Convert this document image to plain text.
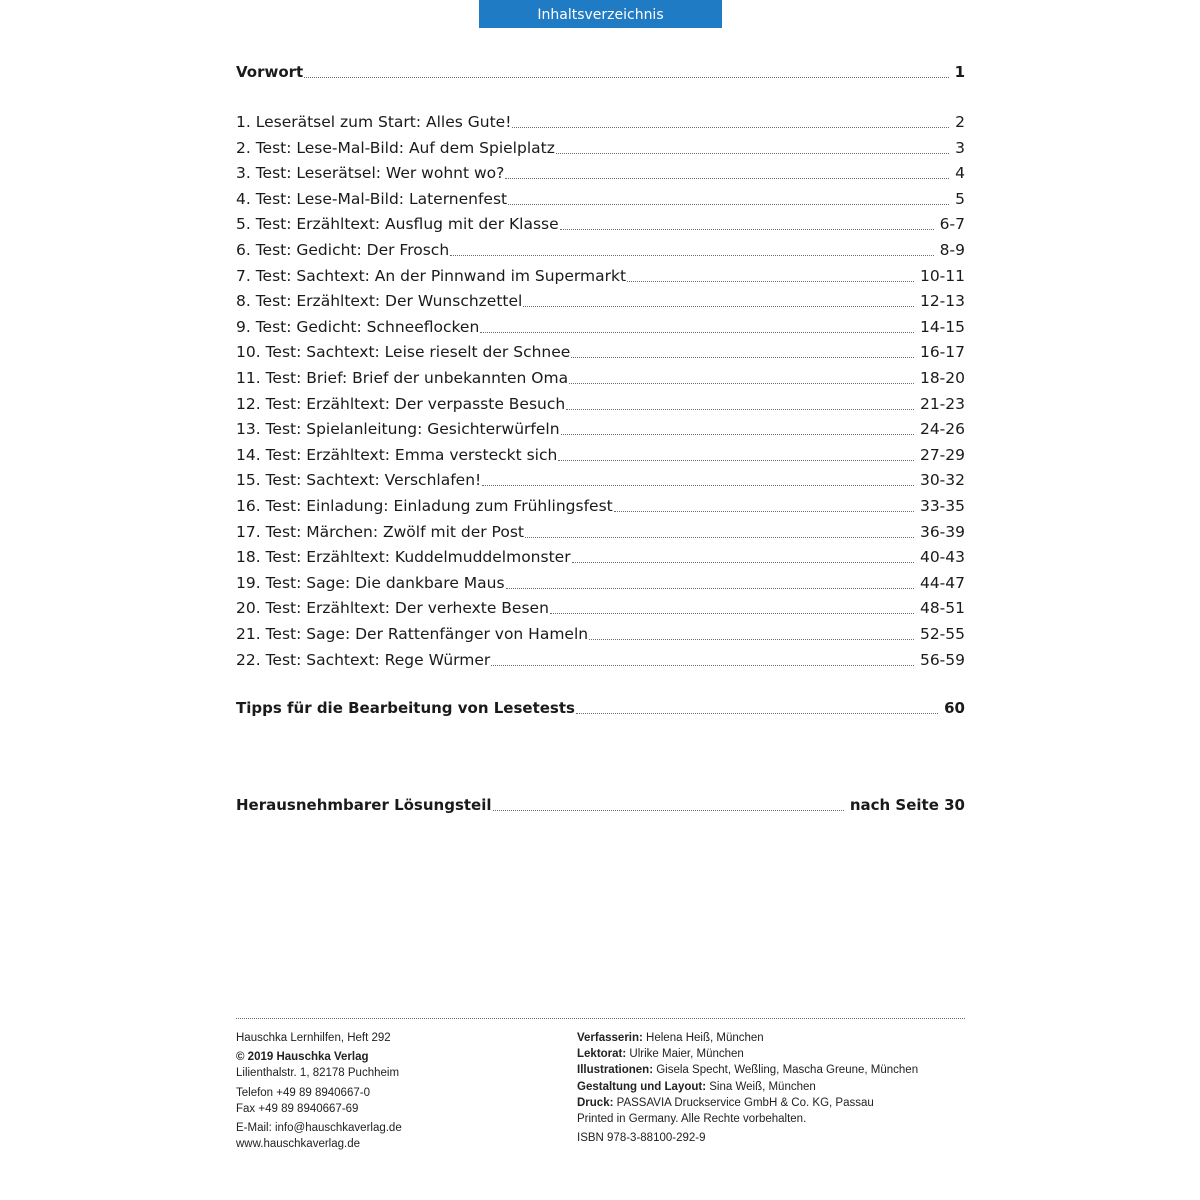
Inhaltsverzeichnis
Vorwort	1
1. Leserätsel zum Start: Alles Gute!	2
2. Test: Lese-Mal-Bild: Auf dem Spielplatz	3
3. Test: Leserätsel: Wer wohnt wo?	4
4. Test: Lese-Mal-Bild: Laternenfest	5
5. Test: Erzähltext: Ausflug mit der Klasse	6-7
6. Test: Gedicht: Der Frosch	8-9
7. Test: Sachtext: An der Pinnwand im Supermarkt	10-11
8. Test: Erzähltext: Der Wunschzettel	12-13
9. Test: Gedicht: Schneeflocken	14-15
10. Test: Sachtext: Leise rieselt der Schnee	16-17
11. Test: Brief: Brief der unbekannten Oma	18-20
12. Test: Erzähltext: Der verpasste Besuch	21-23
13. Test: Spielanleitung: Gesichterwürfeln	24-26
14. Test: Erzähltext: Emma versteckt sich	27-29
15. Test: Sachtext: Verschlafen!	30-32
16. Test: Einladung: Einladung zum Frühlingsfest	33-35
17. Test: Märchen: Zwölf mit der Post	36-39
18. Test: Erzähltext: Kuddelmuddelmonster	40-43
19. Test: Sage: Die dankbare Maus	44-47
20. Test: Erzähltext: Der verhexte Besen	48-51
21. Test: Sage: Der Rattenfänger von Hameln	52-55
22. Test: Sachtext: Rege Würmer	56-59
Tipps für die Bearbeitung von Lesetests	60
Herausnehmbarer Lösungsteil	nach Seite 30
Hauschka Lernhilfen, Heft 292
© 2019 Hauschka Verlag
Lilienthalstr. 1, 82178 Puchheim
Telefon +49 89 8940667-0
Fax +49 89 8940667-69
E-Mail: info@hauschkaverlag.de
www.hauschkaverlag.de
Verfasserin: Helena Heiß, München
Lektorat: Ulrike Maier, München
Illustrationen: Gisela Specht, Weßling, Mascha Greune, München
Gestaltung und Layout: Sina Weiß, München
Druck: PASSAVIA Druckservice GmbH & Co. KG, Passau
Printed in Germany. Alle Rechte vorbehalten.
ISBN 978-3-88100-292-9
